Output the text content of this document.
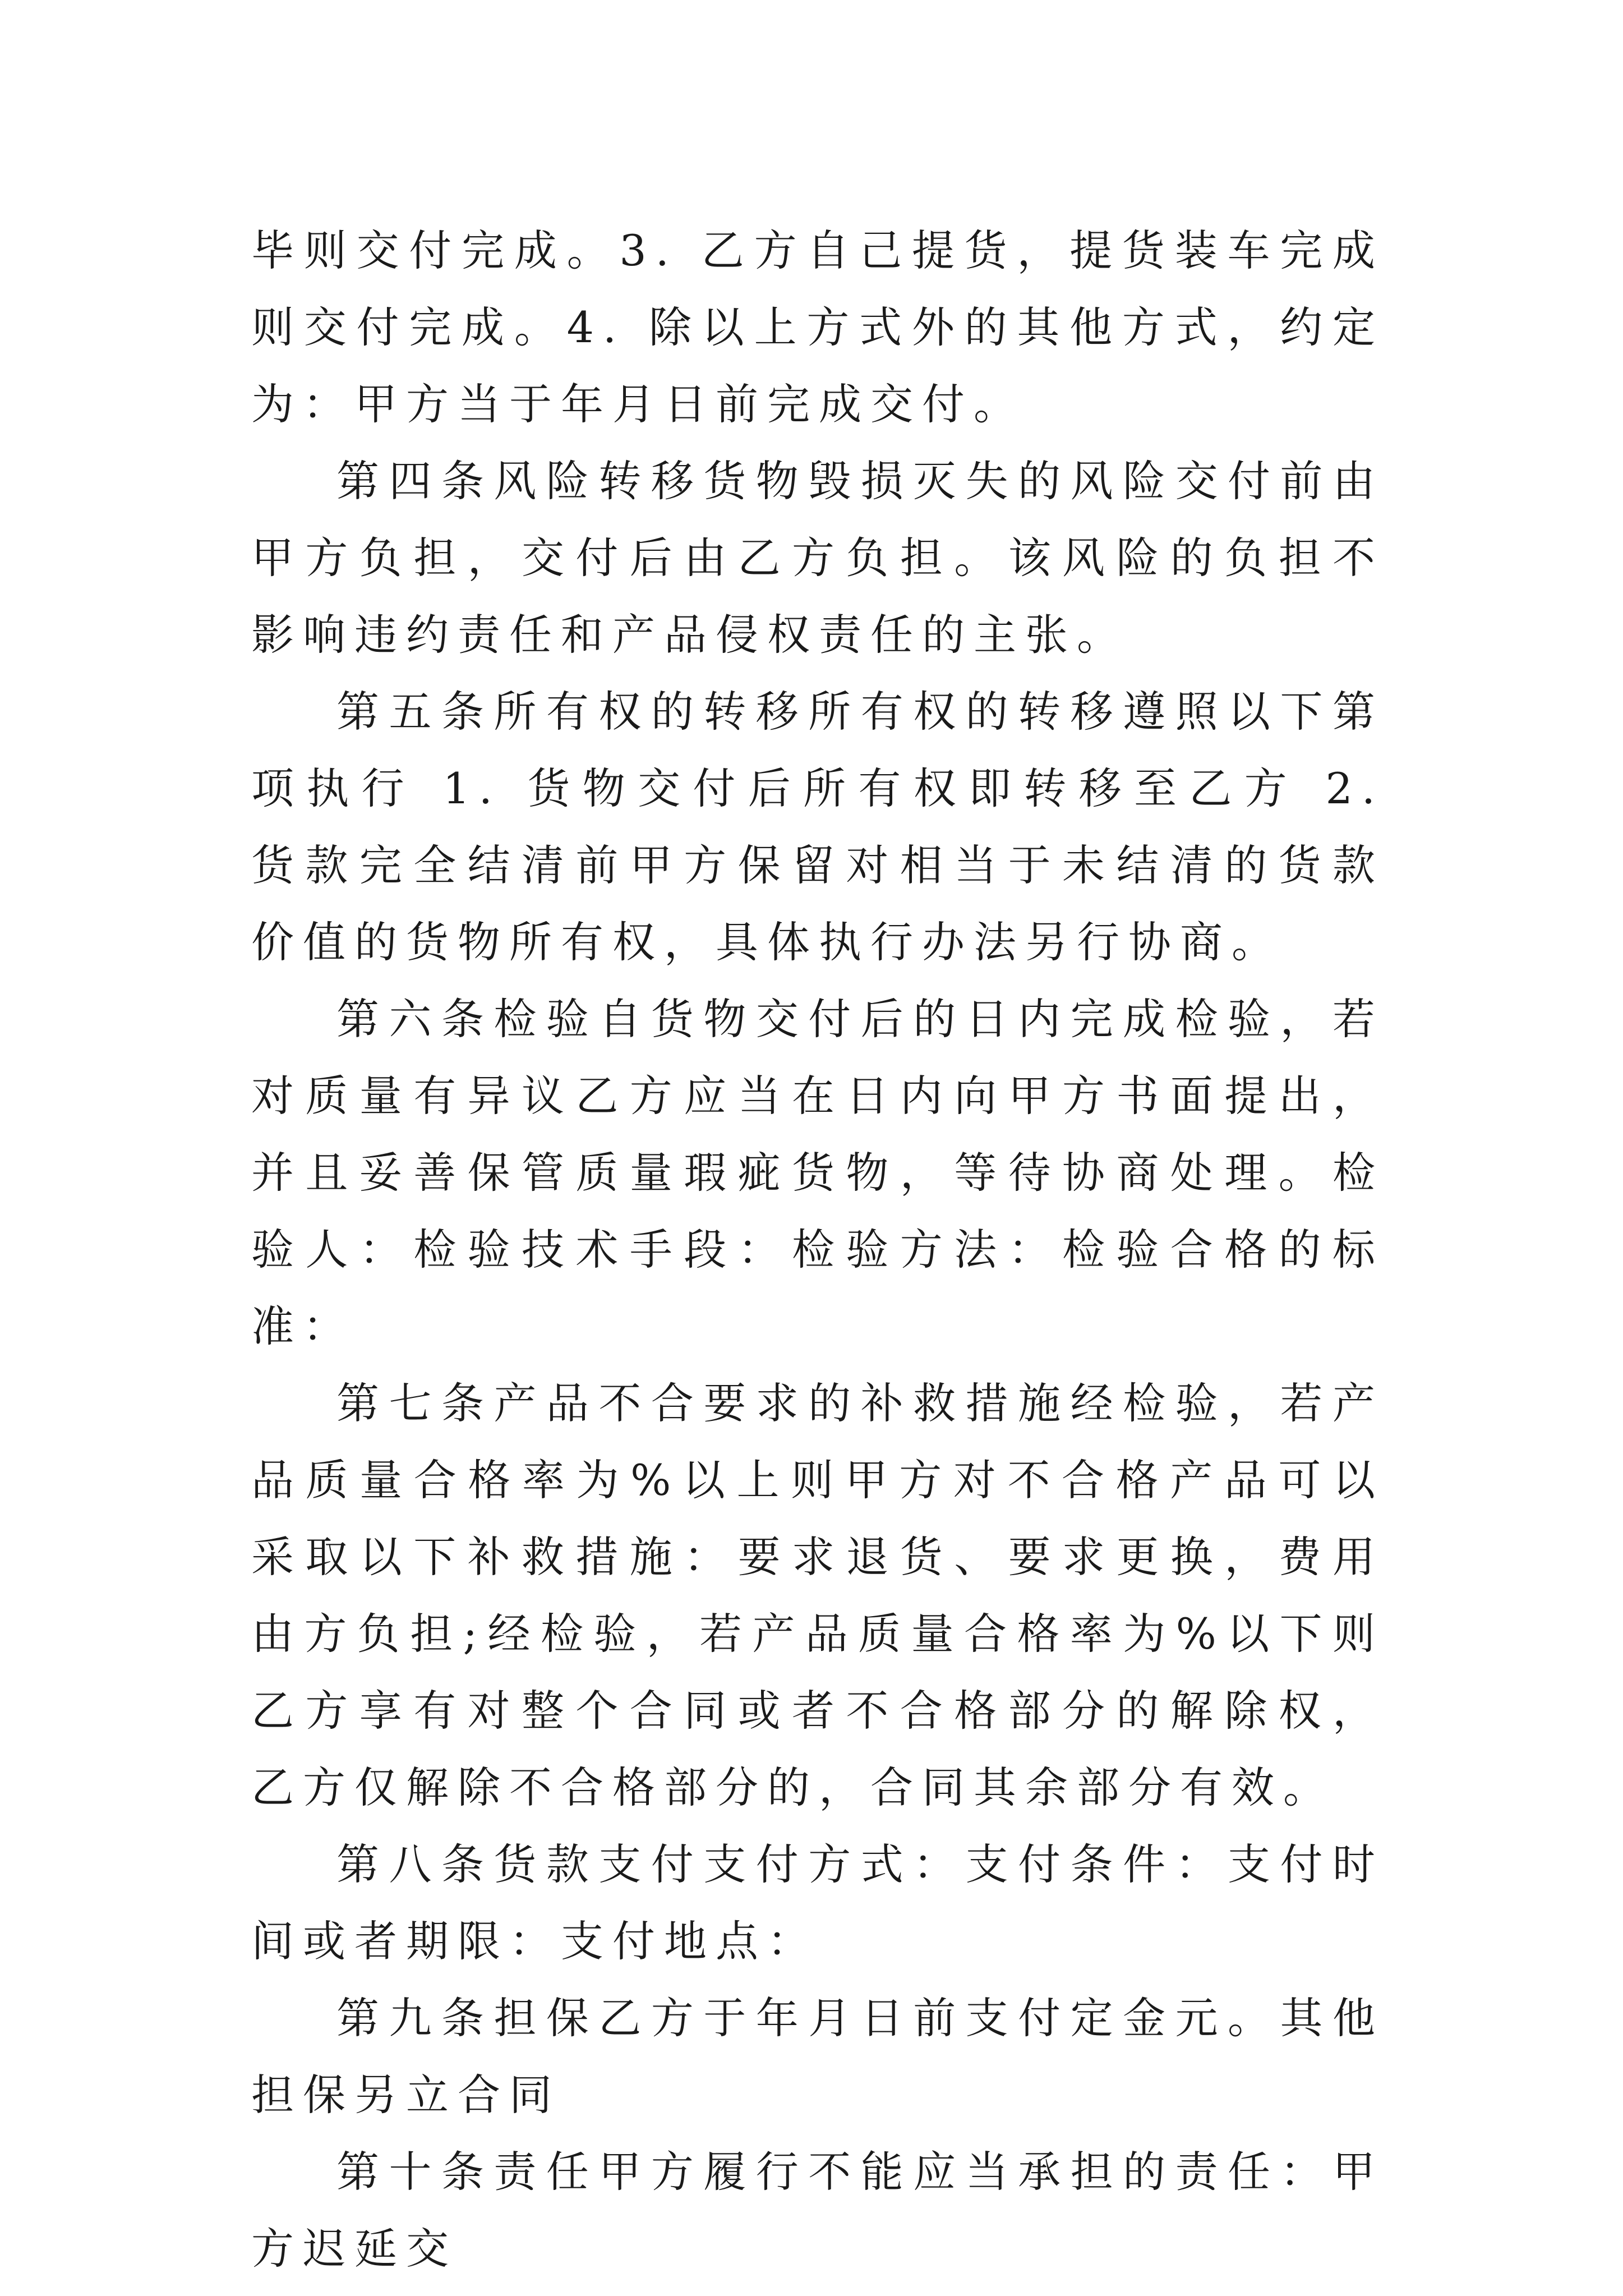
毕则交付完成。3. 乙方自己提货，提货装车完成则交付完成。4. 除以上方式外的其他方式，约定为：甲方当于年月日前完成交付。

第四条风险转移货物毁损灭失的风险交付前由甲方负担，交付后由乙方负担。该风险的负担不影响违约责任和产品侵权责任的主张。

第五条所有权的转移所有权的转移遵照以下第项执行 1. 货物交付后所有权即转移至乙方 2. 货款完全结清前甲方保留对相当于未结清的货款价值的货物所有权，具体执行办法另行协商。

第六条检验自货物交付后的日内完成检验，若对质量有异议乙方应当在日内向甲方书面提出，并且妥善保管质量瑕疵货物，等待协商处理。检验人：检验技术手段：检验方法：检验合格的标准：

第七条产品不合要求的补救措施经检验，若产品质量合格率为%以上则甲方对不合格产品可以采取以下补救措施：要求退货、要求更换，费用由方负担;经检验，若产品质量合格率为%以下则乙方享有对整个合同或者不合格部分的解除权，乙方仅解除不合格部分的，合同其余部分有效。

第八条货款支付支付方式：支付条件：支付时间或者期限：支付地点：

第九条担保乙方于年月日前支付定金元。其他担保另立合同

第十条责任甲方履行不能应当承担的责任：甲方迟延交
